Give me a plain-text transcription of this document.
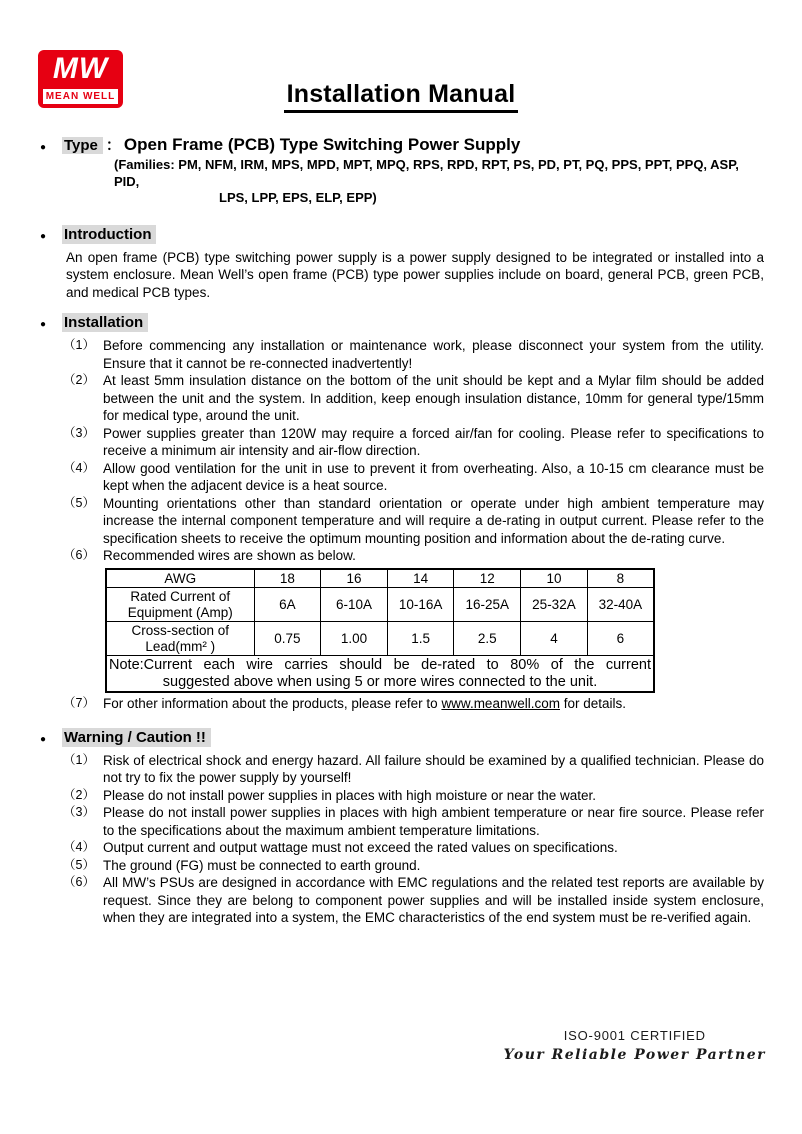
MW
MEAN WELL	Installation Manual
● Type ： Open Frame (PCB) Type Switching Power Supply
(Families: PM, NFM, IRM, MPS, MPD, MPT, MPQ, RPS, RPD, RPT, PS, PD, PT, PQ, PPS, PPT, PPQ, ASP, PID,
LPS, LPP, EPS, ELP, EPP)
● Introduction
An open frame (PCB) type switching power supply is a power supply designed to be integrated or installed into a system enclosure. Mean Well’s open frame (PCB) type power supplies include on board, general PCB, green PCB, and medical PCB types.
● Installation
（1） Before commencing any installation or maintenance work, please disconnect your system from the utility. Ensure that it cannot be re-connected inadvertently!
（2） At least 5mm insulation distance on the bottom of the unit should be kept and a Mylar film should be added between the unit and the system. In addition, keep enough insulation distance, 10mm for general type/15mm for medical type, around the unit.
（3） Power supplies greater than 120W may require a forced air/fan for cooling. Please refer to specifications to receive a minimum air intensity and air-flow direction.
（4） Allow good ventilation for the unit in use to prevent it from overheating. Also, a 10-15 cm clearance must be kept when the adjacent device is a heat source.
（5） Mounting orientations other than standard orientation or operate under high ambient temperature may increase the internal component temperature and will require a de-rating in output current. Please refer to the specification sheets to receive the optimum mounting position and information about the de-rating curve.
（6） Recommended wires are shown as below.
AWG	18	16	14	12	10	8
Rated Current of Equipment (Amp)	6A	6-10A	10-16A	16-25A	25-32A	32-40A
Cross-section of Lead(mm² )	0.75	1.00	1.5	2.5	4	6

Note:Current each wire carries should be de-rated to 80% of the current
suggested above when using 5 or more wires connected to the unit.						
（7） For other information about the products, please refer to www.meanwell.com for details.
● Warning / Caution !!
（1） Risk of electrical shock and energy hazard. All failure should be examined by a qualified technician. Please do not try to fix the power supply by yourself!
（2） Please do not install power supplies in places with high moisture or near the water.
（3） Please do not install power supplies in places with high ambient temperature or near fire source. Please refer to the specifications about the maximum ambient temperature limitations.
（4） Output current and output wattage must not exceed the rated values on specifications.
（5） The ground (FG) must be connected to earth ground.
（6） All MW’s PSUs are designed in accordance with EMC regulations and the related test reports are available by request. Since they are belong to component power supplies and will be installed inside system enclosure, when they are integrated into a system, the EMC characteristics of the end system must be re-verified again.
ISO-9001 CERTIFIED
Your Reliable Power Partner
